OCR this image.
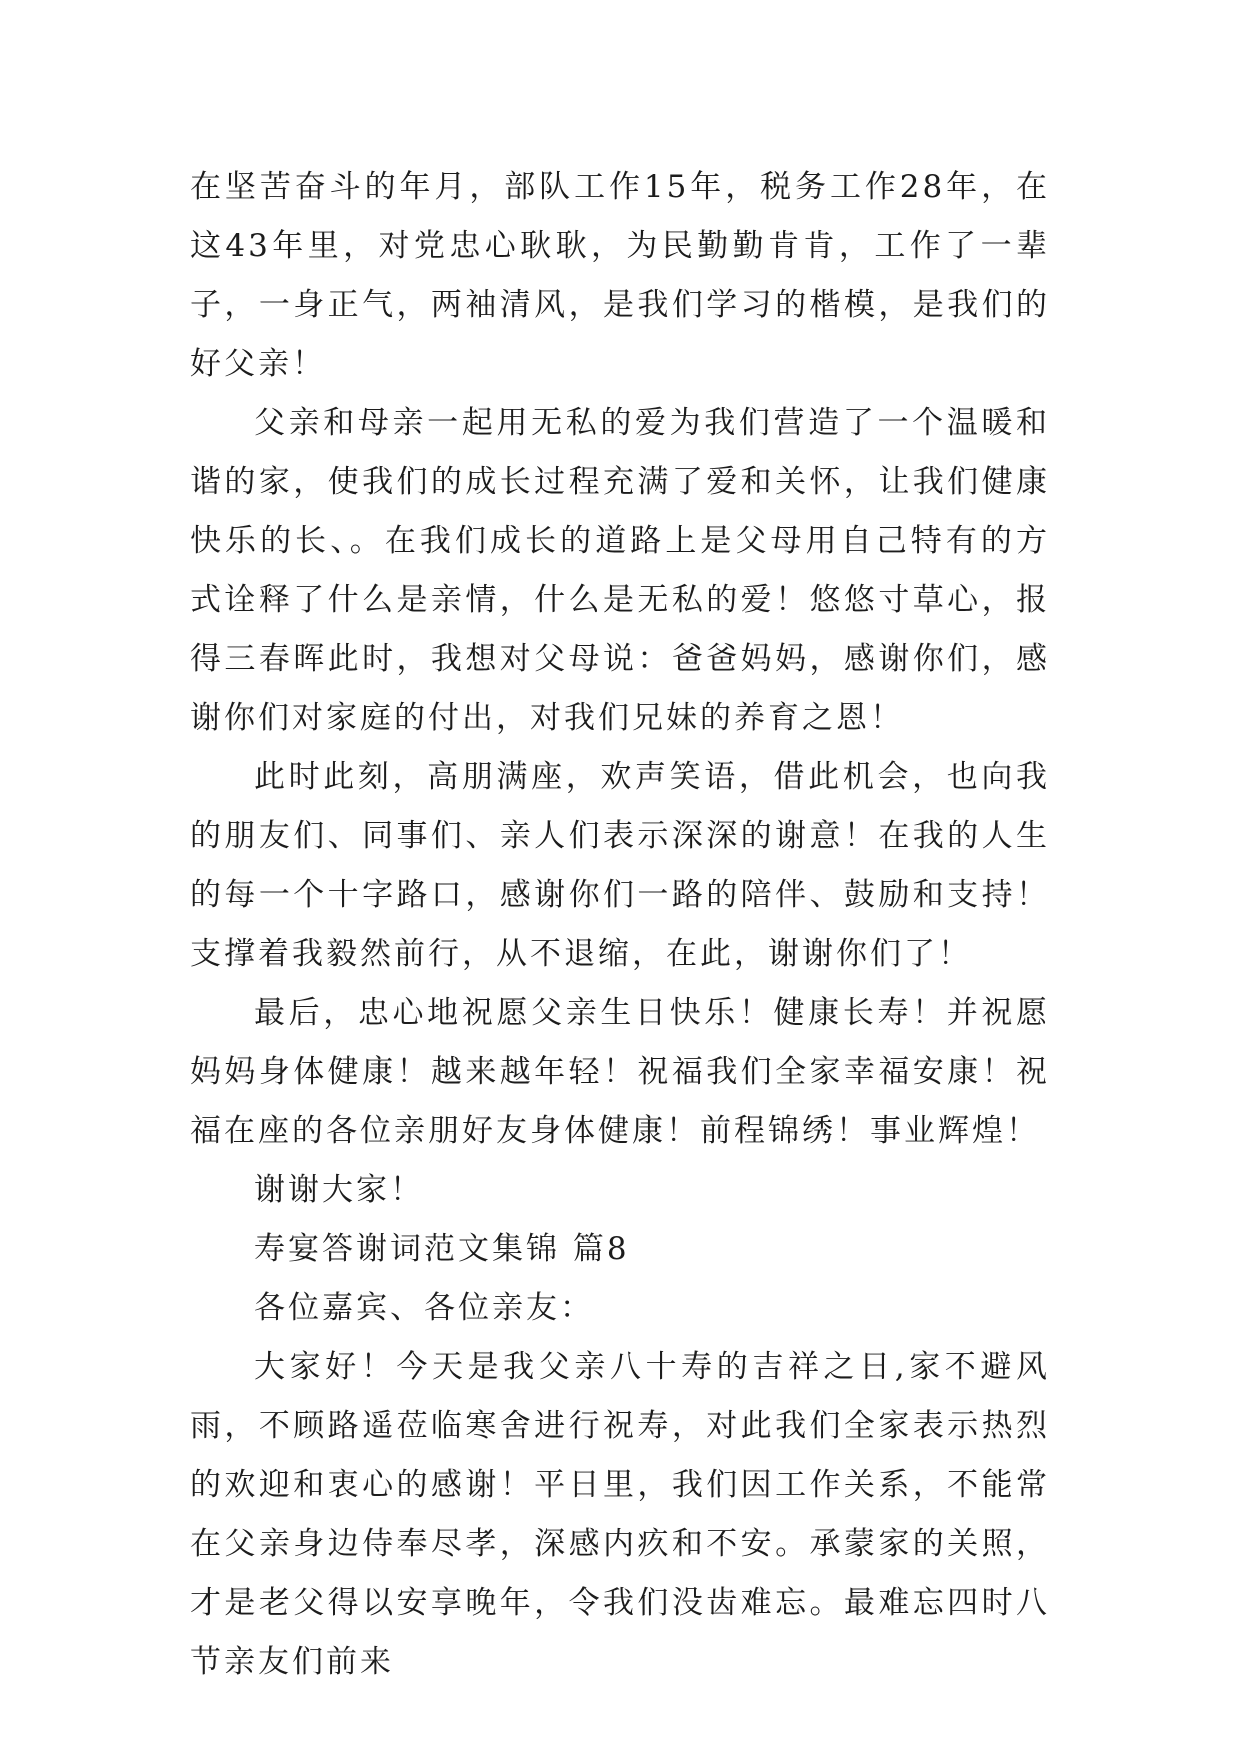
在坚苦奋斗的年月，部队工作15年，税务工作28年，在这43年里，对党忠心耿耿，为民勤勤肯肯，工作了一辈子，一身正气，两袖清风，是我们学习的楷模，是我们的好父亲！

父亲和母亲一起用无私的爱为我们营造了一个温暖和谐的家，使我们的成长过程充满了爱和关怀，让我们健康快乐的长、。在我们成长的道路上是父母用自己特有的方式诠释了什么是亲情，什么是无私的爱！悠悠寸草心，报得三春晖此时，我想对父母说：爸爸妈妈，感谢你们，感谢你们对家庭的付出，对我们兄妹的养育之恩！

此时此刻，高朋满座，欢声笑语，借此机会，也向我的朋友们、同事们、亲人们表示深深的谢意！在我的人生的每一个十字路口，感谢你们一路的陪伴、鼓励和支持！支撑着我毅然前行，从不退缩，在此，谢谢你们了！

最后，忠心地祝愿父亲生日快乐！健康长寿！并祝愿妈妈身体健康！越来越年轻！祝福我们全家幸福安康！祝福在座的各位亲朋好友身体健康！前程锦绣！事业辉煌！

谢谢大家！

寿宴答谢词范文集锦 篇8

各位嘉宾、各位亲友：

大家好！今天是我父亲八十寿的吉祥之日,家不避风雨，不顾路遥莅临寒舍进行祝寿，对此我们全家表示热烈的欢迎和衷心的感谢！平日里，我们因工作关系，不能常在父亲身边侍奉尽孝，深感内疚和不安。承蒙家的关照，才是老父得以安享晚年，令我们没齿难忘。最难忘四时八节亲友们前来
